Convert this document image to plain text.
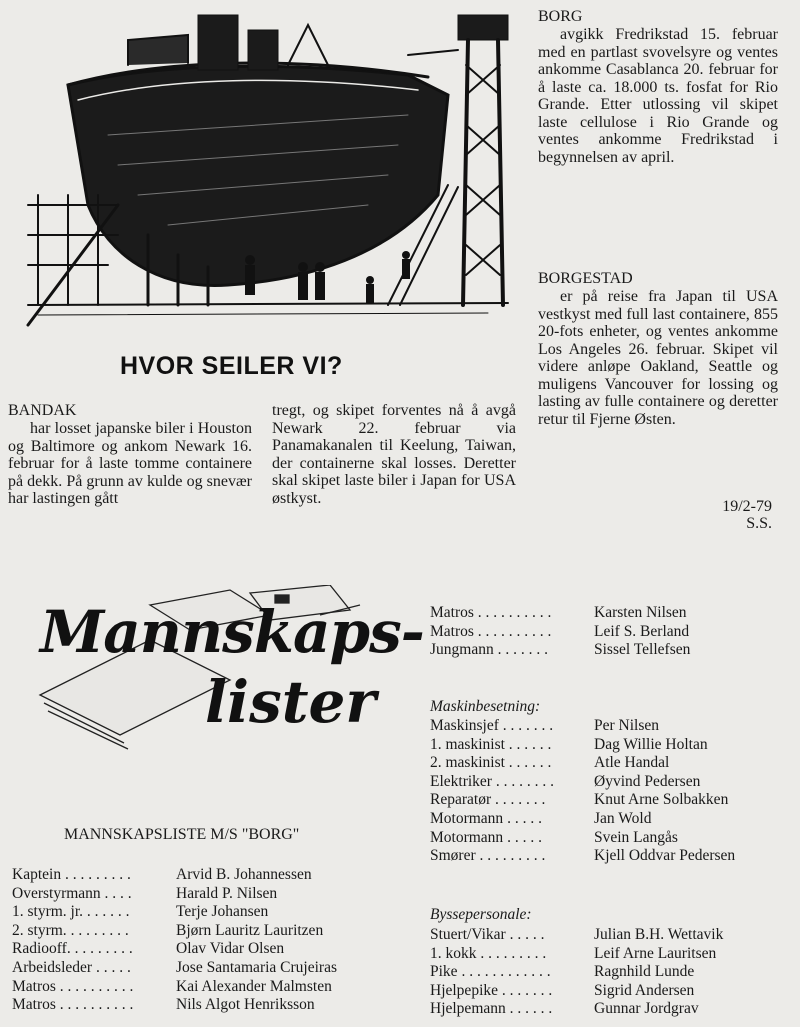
HVOR SEILER VI?
BORG
avgikk Fredrikstad 15. februar med en partlast svovelsyre og ventes ankomme Casablanca 20. februar for å laste ca. 18.000 ts. fosfat for Rio Grande. Etter utlossing vil skipet laste cellulose i Rio Grande og ventes ankomme Fredrikstad i begynnelsen av april.
BORGESTAD
er på reise fra Japan til USA vestkyst med full last containere, 855 20-fots enheter, og ventes ankomme Los Angeles 26. februar. Skipet vil videre anløpe Oakland, Seattle og muligens Vancouver for lossing og lasting av fulle containere og deretter retur til Fjerne Østen.
19/2-79
S.S.
BANDAK
har losset japanske biler i Houston og Baltimore og ankom Newark 16. februar for å laste tomme containere på dekk. På grunn av kulde og snevær har lastingen gått
tregt, og skipet forventes nå å avgå Newark 22. februar via Panamakanalen til Keelung, Taiwan, der containerne skal losses. Deretter skal skipet laste biler i Japan for USA østkyst.
Mannskaps-
lister
MANNSKAPSLISTE M/S "BORG"
Kaptein . . . . . . . . .	Arvid B. Johannessen
Overstyrmann . . . .	Harald P. Nilsen
1. styrm. jr. . . . . . .	Terje Johansen
2. styrm. . . . . . . . .	Bjørn Lauritz Lauritzen
Radiooff. . . . . . . . .	Olav Vidar Olsen
Arbeidsleder . . . . .	Jose Santamaria Crujeiras
Matros . . . . . . . . . .	Kai Alexander Malmsten
Matros . . . . . . . . . .	Nils Algot Henriksson
Matros . . . . . . . . . .	Karsten Nilsen
Matros . . . . . . . . . .	Leif S. Berland
Jungmann . . . . . . .	Sissel Tellefsen
Maskinbesetning:
Maskinsjef . . . . . . .	Per Nilsen
1. maskinist . . . . . .	Dag Willie Holtan
2. maskinist . . . . . .	Atle Handal
Elektriker . . . . . . . .	Øyvind Pedersen
Reparatør . . . . . . .	Knut Arne Solbakken
Motormann . . . . .	Jan Wold
Motormann . . . . .	Svein Langås
Smører . . . . . . . . .	Kjell Oddvar Pedersen
Byssepersonale:
Stuert/Vikar . . . . .	Julian B.H. Wettavik
1. kokk . . . . . . . . .	Leif Arne Lauritsen
Pike . . . . . . . . . . . .	Ragnhild Lunde
Hjelpepike . . . . . . .	Sigrid Andersen
Hjelpemann . . . . . .	Gunnar Jordgrav
